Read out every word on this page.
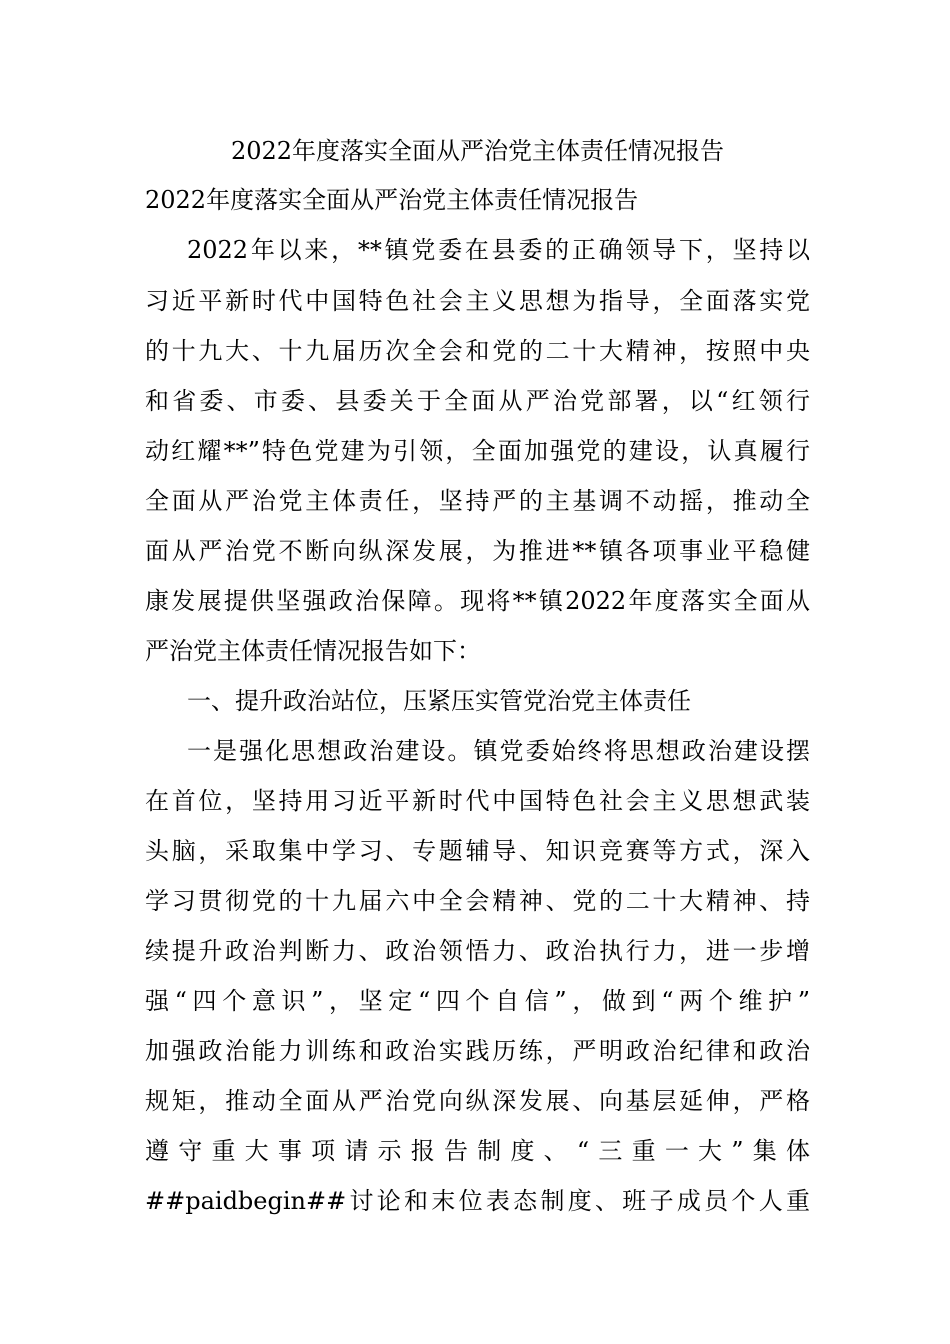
2022年度落实全面从严治党主体责任情况报告
2022年度落实全面从严治党主体责任情况报告
2022年以来，**镇党委在县委的正确领导下，坚持以
习近平新时代中国特色社会主义思想为指导，全面落实党
的十九大、十九届历次全会和党的二十大精神，按照中央
和省委、市委、县委关于全面从严治党部署，以“红领行
动红耀**”特色党建为引领，全面加强党的建设，认真履行
全面从严治党主体责任，坚持严的主基调不动摇，推动全
面从严治党不断向纵深发展，为推进**镇各项事业平稳健
康发展提供坚强政治保障。现将**镇2022年度落实全面从
严治党主体责任情况报告如下：
一、提升政治站位，压紧压实管党治党主体责任
一是强化思想政治建设。镇党委始终将思想政治建设摆
在首位，坚持用习近平新时代中国特色社会主义思想武装
头脑，采取集中学习、专题辅导、知识竞赛等方式，深入
学习贯彻党的十九届六中全会精神、党的二十大精神、持
续提升政治判断力、政治领悟力、政治执行力，进一步增
强“四个意识”，坚定“四个自信”，做到“两个维护”
加强政治能力训练和政治实践历练，严明政治纪律和政治
规矩，推动全面从严治党向纵深发展、向基层延伸，严格
遵守重大事项请示报告制度、“三重一大”集体
##paidbegin##讨论和末位表态制度、班子成员个人重
